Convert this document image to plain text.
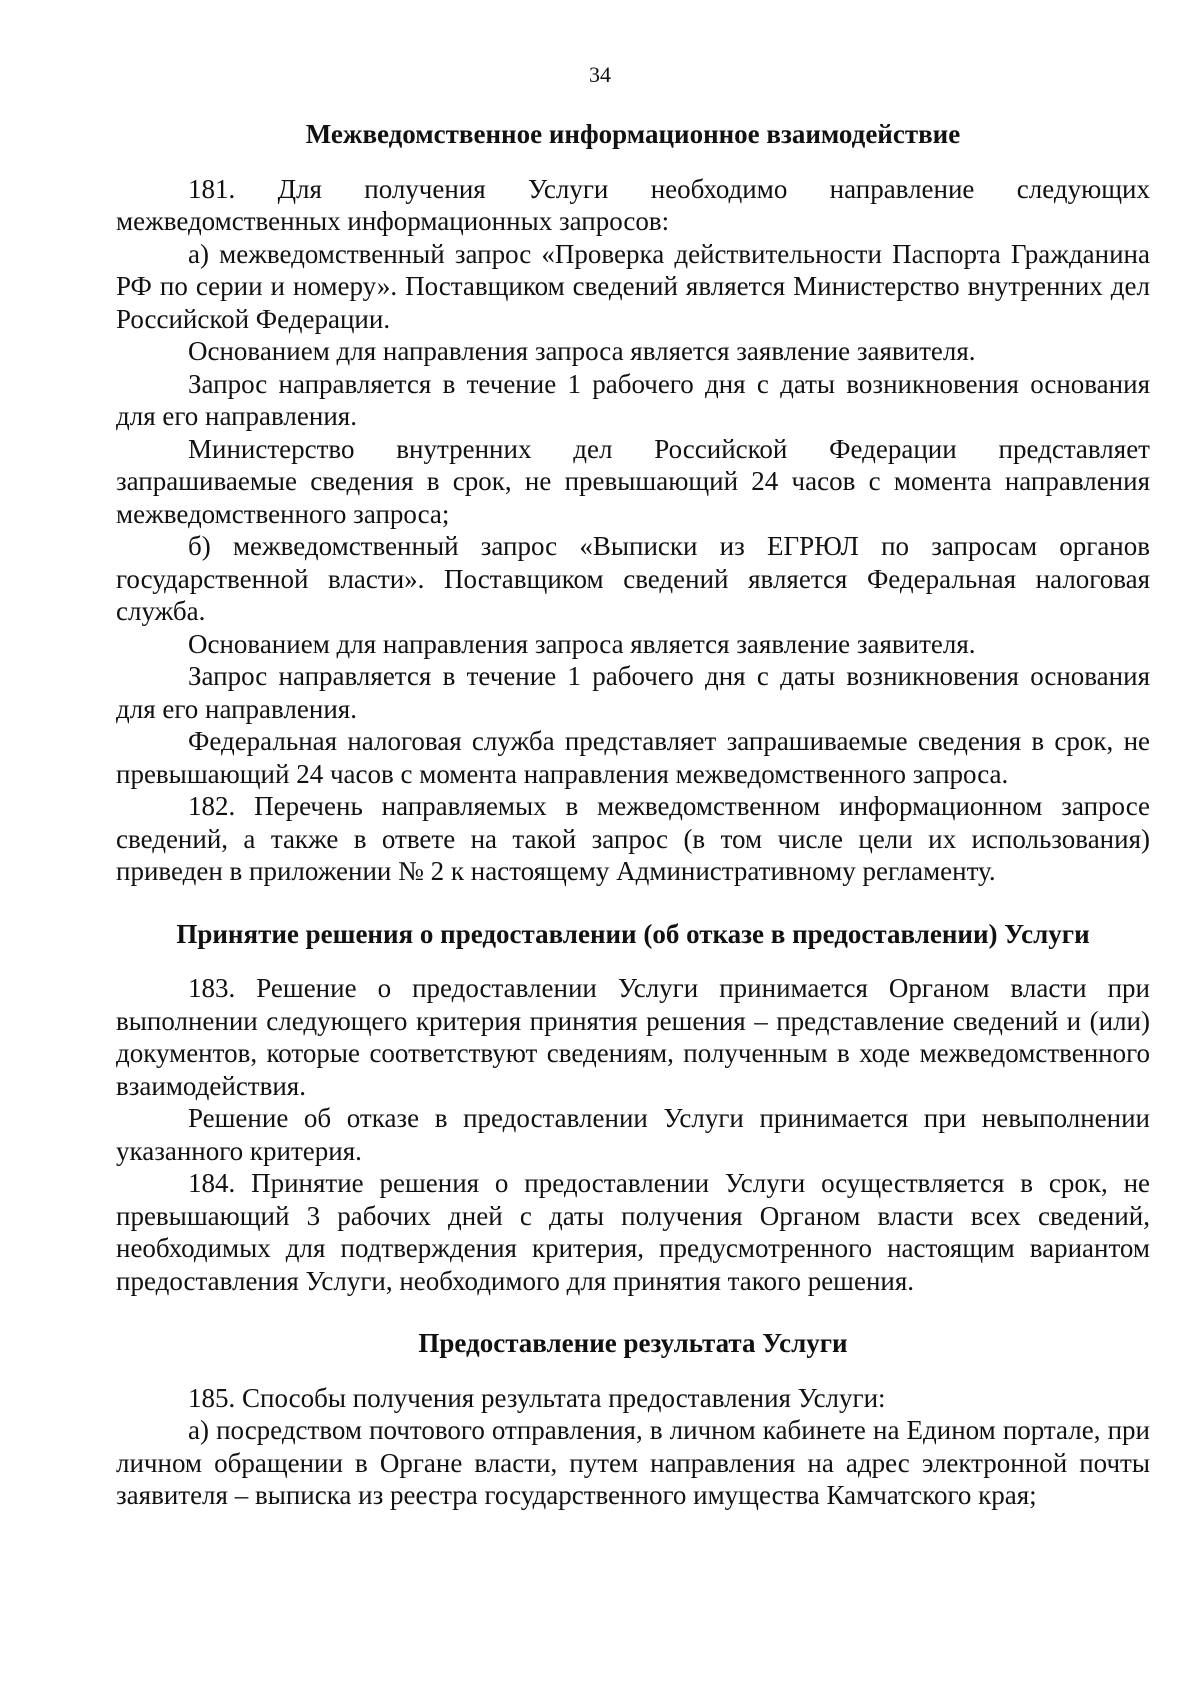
34
Межведомственное информационное взаимодействие

181. Для получения Услуги необходимо направление следующих межведомственных информационных запросов:

а) межведомственный запрос «Проверка действительности Паспорта Гражданина РФ по серии и номеру». Поставщиком сведений является Министерство внутренних дел Российской Федерации.

Основанием для направления запроса является заявление заявителя.

Запрос направляется в течение 1 рабочего дня с даты возникновения основания для его направления.

Министерство внутренних дел Российской Федерации представляет запрашиваемые сведения в срок, не превышающий 24 часов с момента направления межведомственного запроса;

б) межведомственный запрос «Выписки из ЕГРЮЛ по запросам органов государственной власти». Поставщиком сведений является Федеральная налоговая служба.

Основанием для направления запроса является заявление заявителя.

Запрос направляется в течение 1 рабочего дня с даты возникновения основания для его направления.

Федеральная налоговая служба представляет запрашиваемые сведения в срок, не превышающий 24 часов с момента направления межведомственного запроса.

182. Перечень направляемых в межведомственном информационном запросе сведений, а также в ответе на такой запрос (в том числе цели их использования) приведен в приложении № 2 к настоящему Административному регламенту.

Принятие решения о предоставлении (об отказе в предоставлении) Услуги

183. Решение о предоставлении Услуги принимается Органом власти при выполнении следующего критерия принятия решения – представление сведений и (или) документов, которые соответствуют сведениям, полученным в ходе межведомственного взаимодействия.

Решение об отказе в предоставлении Услуги принимается при невыполнении указанного критерия.

184. Принятие решения о предоставлении Услуги осуществляется в срок, не превышающий 3 рабочих дней с даты получения Органом власти всех сведений, необходимых для подтверждения критерия, предусмотренного настоящим вариантом предоставления Услуги, необходимого для принятия такого решения.

Предоставление результата Услуги

185. Способы получения результата предоставления Услуги:

а) посредством почтового отправления, в личном кабинете на Едином портале, при личном обращении в Органе власти, путем направления на адрес электронной почты заявителя – выписка из реестра государственного имущества Камчатского края;
